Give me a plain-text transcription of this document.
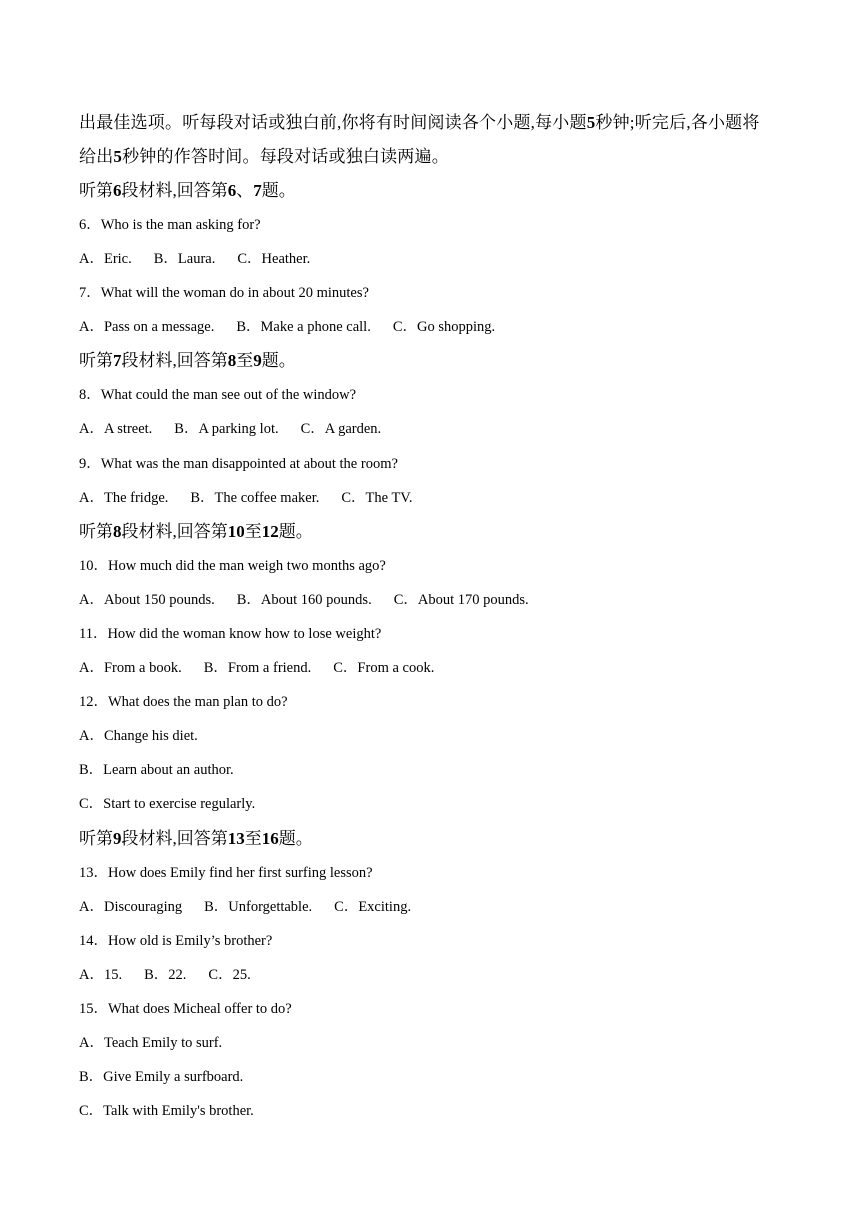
出最佳选项。听每段对话或独白前,你将有时间阅读各个小题,每小题5秒钟;听完后,各小题将
给出5秒钟的作答时间。每段对话或独白读两遍。

听第6段材料,回答第6、7题。

6．Who is the man asking for?

A．Eric. B．Laura. C．Heather.

7．What will the woman do in about 20 minutes?

A．Pass on a message. B．Make a phone call. C．Go shopping.

听第7段材料,回答第8至9题。

8．What could the man see out of the window?

A．A street. B．A parking lot. C．A garden.

9．What was the man disappointed at about the room?

A．The fridge. B．The coffee maker. C．The TV.

听第8段材料,回答第10至12题。

10．How much did the man weigh two months ago?

A．About 150 pounds. B．About 160 pounds. C．About 170 pounds.

11．How did the woman know how to lose weight?

A．From a book. B．From a friend. C．From a cook.

12．What does the man plan to do?

A．Change his diet.

B．Learn about an author.

C．Start to exercise regularly.

听第9段材料,回答第13至16题。

13．How does Emily find her first surfing lesson?

A．Discouraging B．Unforgettable. C．Exciting.

14．How old is Emily’s brother?

A．15. B．22. C．25.

15．What does Micheal offer to do?

A．Teach Emily to surf.

B．Give Emily a surfboard.

C．Talk with Emily's brother.
